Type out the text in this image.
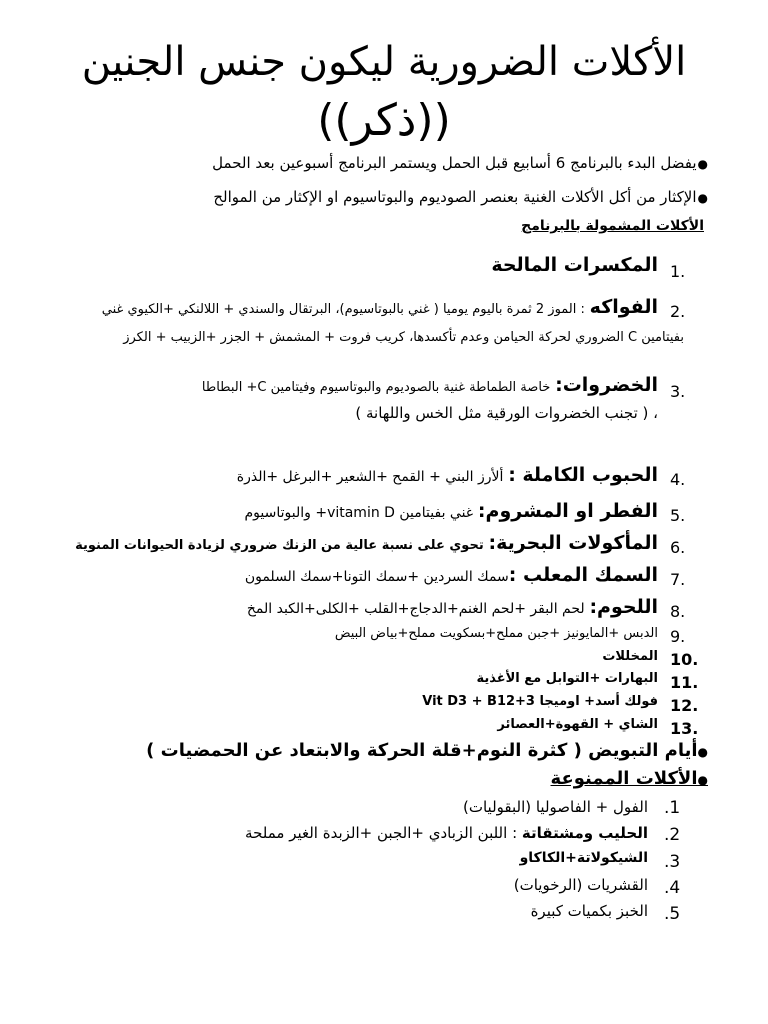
الأكلات الضرورية ليكون جنس الجنين
((ذكر))
●يفضل البدء بالبرنامج 6 أسابيع قبل الحمل ويستمر البرنامج أسبوعين بعد الحمل
●الإكثار من أكل الأكلات الغنية بعنصر الصوديوم والبوتاسيوم او الإكثار من الموالح
الأكلات المشمولة بالبرنامج
1.
المكسرات المالحة
2.
الفواكه : الموز 2 ثمرة باليوم يوميا ( غني بالبوتاسيوم)، البرتقال والسندي + اللالنكي +الكيوي غني
بفيتامين C الضروري لحركة الحيامن وعدم تأكسدها، كريب فروت + المشمش + الجزر +الزبيب + الكرز
3.
الخضروات: خاصة الطماطة غنية بالصوديوم والبوتاسيوم وفيتامين C+ البطاطا
، ( تجنب الخضروات الورقية مثل الخس واللهانة )
4.
الحبوب الكاملة : ألأرز البني + القمح +الشعير +البرغل +الذرة
5.
الفطر او المشروم: غني بفيتامين vitamin D+ والبوتاسيوم
6.
المأكولات البحرية: تحوي على نسبة عالية من الزنك ضروري لزيادة الحيوانات المنوية
7.
السمك المعلب :سمك السردين +سمك التونا+سمك السلمون
8.
اللحوم: لحم البقر +لحم الغنم+الدجاج+القلب +الكلى+الكبد المخ
9.
الدبس +المايونيز +جبن مملح+بسكويت مملح+بياض البيض
10.
المخللات
11.
البهارات +التوابل مع الأغذية
12.
فولك أسد+ اوميجا Vit D3 + B12+3
13.
الشاي + القهوة+العصائر
●أيام التبويض ( كثرة النوم+قلة الحركة والابتعاد عن الحمضيات )
●الأكلات الممنوعة
.1
الفول + الفاصوليا (البقوليات)
.2
الحليب ومشتقاتة : اللبن الزبادي +الجبن +الزبدة الغير مملحة
.3
الشيكولاتة+الكاكاو
.4
القشريات (الرخويات)
.5
الخبز بكميات كبيرة
